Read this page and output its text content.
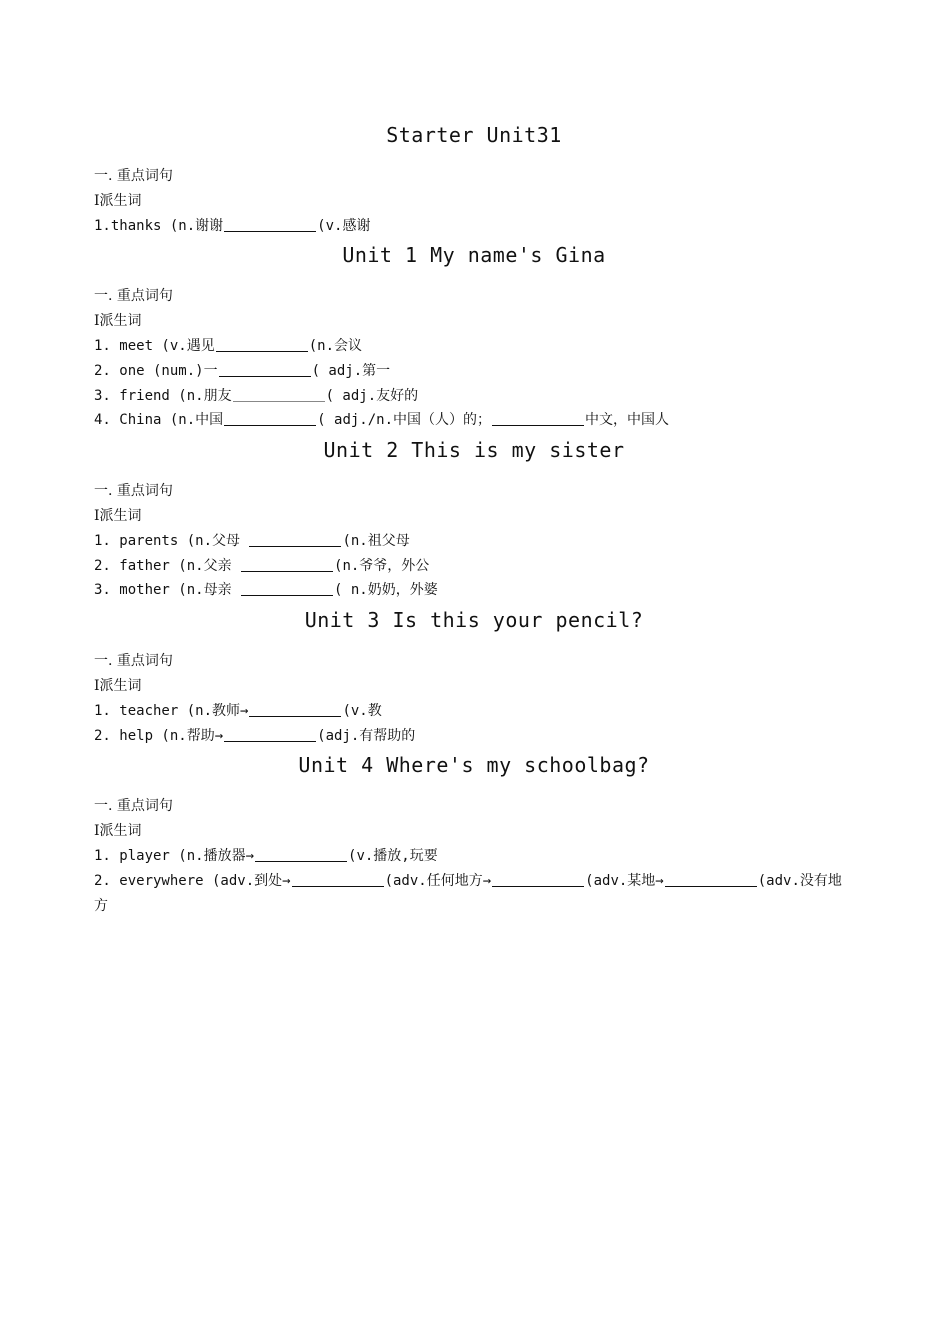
Starter Unit31

一. 重点词句

I派生词

1.thanks (n.谢谢	(v.感谢

Unit 1 My name's Gina

一. 重点词句

I派生词

1. meet (v.遇见	(n.会议

2. one (num.)一	( adj.第一

3. friend (n.朋友	( adj.友好的

4. China (n.中国	( adj./n.中国（人）的；	中文，中国人

Unit 2 This is my sister

一. 重点词句

I派生词

1. parents (n.父母	(n.祖父母

2. father (n.父亲	(n.爷爷，外公

3. mother (n.母亲	( n.奶奶，外婆

Unit 3 Is this your pencil?

一. 重点词句

I派生词

1. teacher (n.教师→	(v.教

2. help (n.帮助→	(adj.有帮助的

Unit 4 Where's my schoolbag?

一. 重点词句

I派生词

1. player (n.播放器→	(v.播放,玩要

2. everywhere (adv.到处→	(adv.任何地方→	(adv.某地→	(adv.没有地方
